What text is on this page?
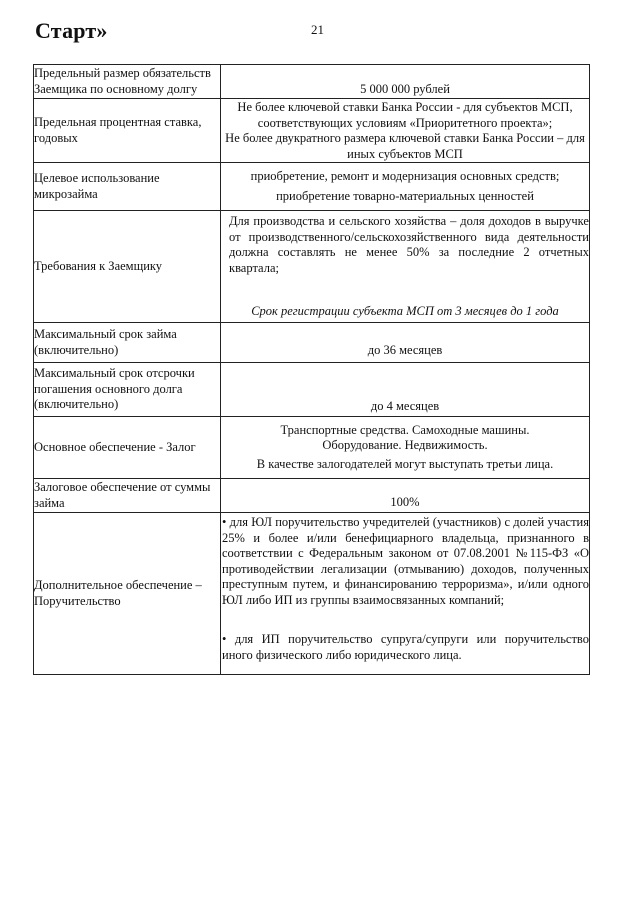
Старт»	21
Предельный размер обязательств Заемщика по основному долгу	5 000 000 рублей

Предельная процентная ставка, годовых	Не более ключевой ставки Банка России - для субъектов МСП, соответствующих условиям «Приоритетного проекта»;
Не более двукратного размера ключевой ставки Банка России – для иных субъектов МСП

Целевое использование микрозайма	приобретение, ремонт и модернизация основных средств;
приобретение товарно-материальных ценностей

Требования к Заемщику	Для производства и сельского хозяйства – доля доходов в выручке от производственного/сельскохозяйственного вида деятельности должна составлять не менее 50% за последние 2 отчетных квартала;
Срок регистрации субъекта МСП от 3 месяцев до 1 года

Максимальный срок займа (включительно)	до 36 месяцев

Максимальный срок отсрочки погашения основного долга (включительно)	до 4 месяцев

Основное обеспечение - Залог	Транспортные средства. Самоходные машины. Оборудование. Недвижимость.
В качестве залогодателей могут выступать третьи лица.

Залоговое обеспечение от суммы займа	100%

Дополнительное обеспечение – Поручительство	• для ЮЛ поручительство учредителей (участников) с долей участия 25% и более и/или бенефициарного владельца, признанного в соответствии с Федеральным законом от 07.08.2001 №115-ФЗ «О противодействии легализации (отмыванию) доходов, полученных преступным путем, и финансированию терроризма», и/или одного ЮЛ либо ИП из группы взаимосвязанных компаний;
• для ИП поручительство супруга/супруги или поручительство иного физического либо юридического лица.
